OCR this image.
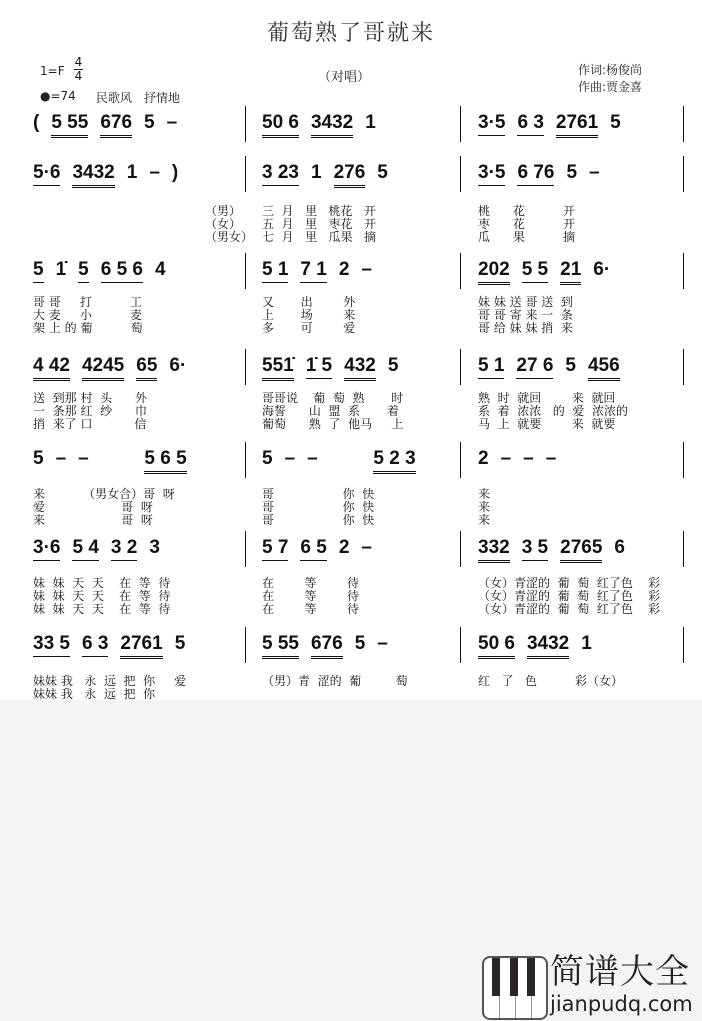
葡萄熟了哥就来
1=F
4
4
●=74 民歌风　抒情地
（对唱）	作词:杨俊尚
作曲:贾金喜
( 5 55 676 5 –	50 6 3432 1	3·5 6 3 2761 5
5·6 3432 1 – )	3 23 1 276 5	3·5 6 76 5 –
（男） 三  月   里   桃花   开	桃      花          开
（女） 五  月   里   枣花   开	枣      花          开
（男女） 七  月   里   瓜果   摘	瓜      果          摘
5 1̇ 5 6 5 6 4	5 1 7 1 2 –	202 5 5 21 6·
哥 哥     打          工	又       出        外	妹 妹 送 哥 送  到
大 麦     小          麦	上       场        来	哥 哥 寄 来 一  条
架 上 的 葡          萄	多       可        爱	哥 给 妹 妹 捎  来
4 42 4245 65 6·	551̇ 1̇ 5 432 5	5 1 27 6 5 456
送  到那 村  头      外	哥哥说    葡  萄  熟       时	熟  时  就回        来  就回
一  条那 红  纱      巾	海誓      山  盟  系       着	系  着  浓浓   的  爱  浓浓的
捎  来了 口           信	葡萄      熟  了  他马     上	马  上  就要        来  就要
5 – –
	5 6 5	5 – –
	5 2 3	2 – – –
来          （男女合）哥  呀	哥                  你  快	来
爱                    哥  呀	哥                  你  快	来
来                    哥  呀	哥                  你  快	来
3·6 5 4 3 2 3	5 7 6 5 2 –	332 3 5 2765 6
妹  妹  天  天    在  等  待	在        等        待	（女）青涩的  葡  萄  红了色    彩
妹  妹  天  天    在  等  待	在        等        待	（女）青涩的  葡  萄  红了色    彩
妹  妹  天  天    在  等  待	在        等        待	（女）青涩的  葡  萄  红了色    彩
33 5 6 3 2761 5	5 55 676 5 –	50 6 3432 1
妹妹 我   永  远  把  你     爱	（男）青  涩的  葡         萄	红   了   色          彩（女）
妹妹 我   永  远  把  你
简谱大全
jianpudq.com
